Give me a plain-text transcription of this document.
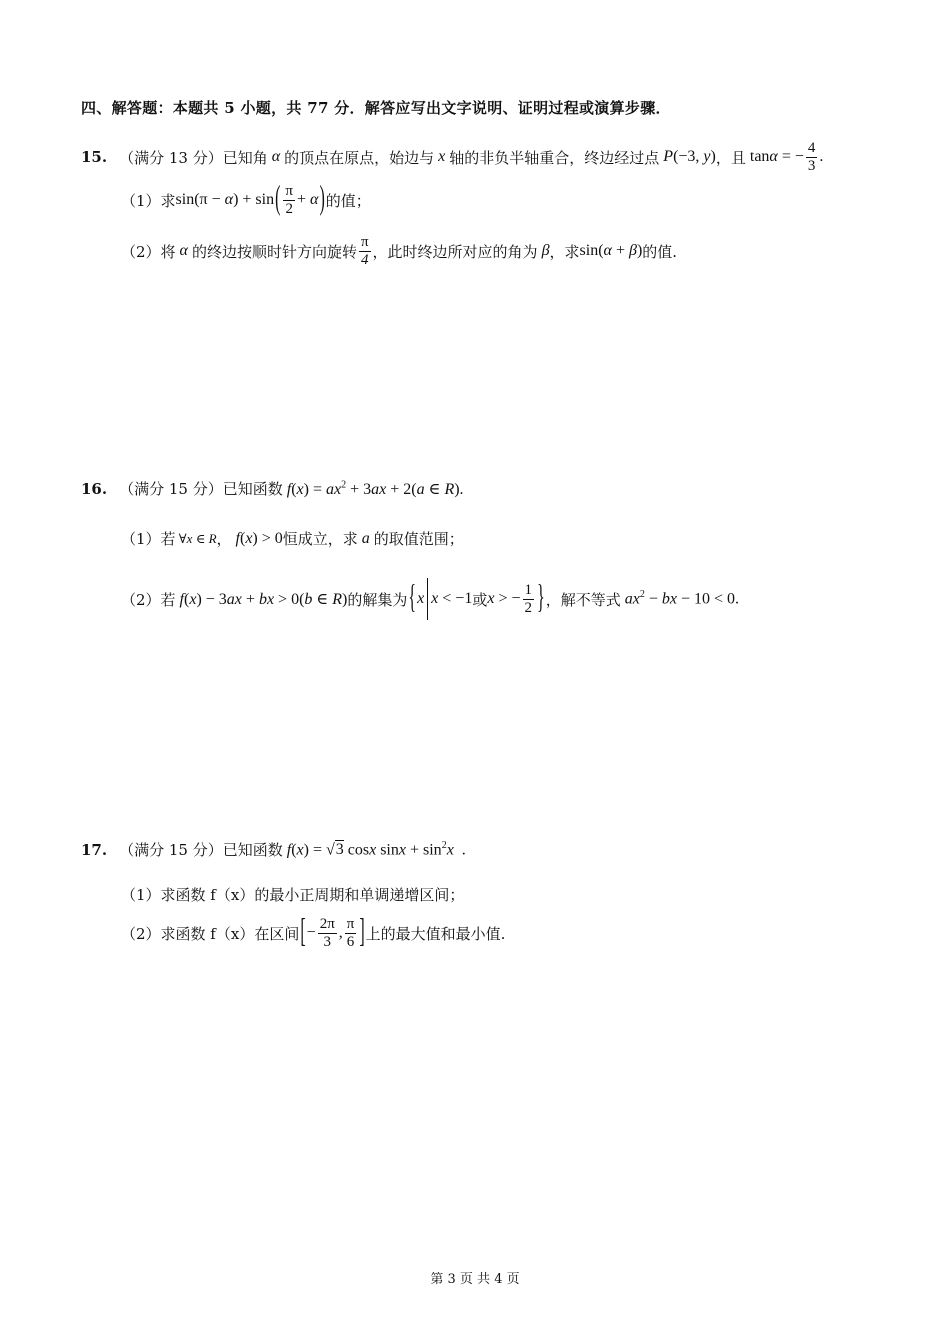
四、解答题：本题共 5 小题，共 77 分．解答应写出文字说明、证明过程或演算步骤．
15. （满分 13 分）已知角 α 的顶点在原点，始边与 x 轴的非负半轴重合，终边经过点 P(−3, y) ，且 tanα = − $\frac{4}{3}$ .
（1）求 sin(π − α) + sin ( $\frac{\pi}{2} + \alpha$ ) 的值；
（2）将 α 的终边按顺时针方向旋转 $\frac{\pi}{4}$ ，此时终边所对应的角为 β ，求 sin(α + β) 的值.
16. （满分 15 分）已知函数 $f(x) = ax^2 + 3ax + 2(a$ ∈ R).
（1）若 ∀x ∈ R ， f(x) > 0 恒成立，求 a 的取值范围；
（2）若 f(x) − 3ax + bx > 0(b ∈ R) 的解集为 { x x < −1 或 x > − $\frac{1}{2}$ } ，解不等式 $ax^2$ − bx − 10 < 0.
17. （满分 15 分）已知函数 f(x) = √3 cosx $\sin x + \sin^2x$  .
（1）求函数 f（x）的最小正周期和单调递增区间；
（2）求函数 f（x）在区间 [ − $\frac{2\pi}{3}$ , $\frac{\pi}{6}$ ] 上的最大值和最小值.
第 3 页 共 4 页
